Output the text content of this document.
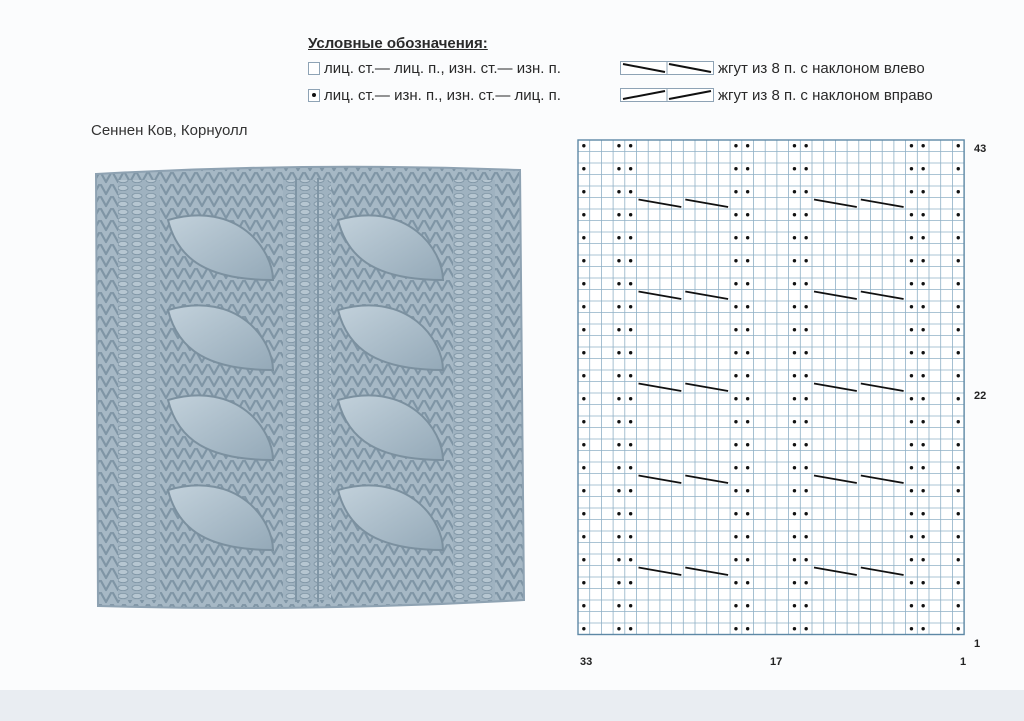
Условные обозначения:
лиц. ст.— лиц. п., изн. ст.— изн. п.
лиц. ст.— изн. п., изн. ст.— лиц. п.
жгут из 8 п. с наклоном влево
жгут из 8 п. с наклоном вправо
Сеннен Ков, Корнуолл
43
22
1
33	17	1
